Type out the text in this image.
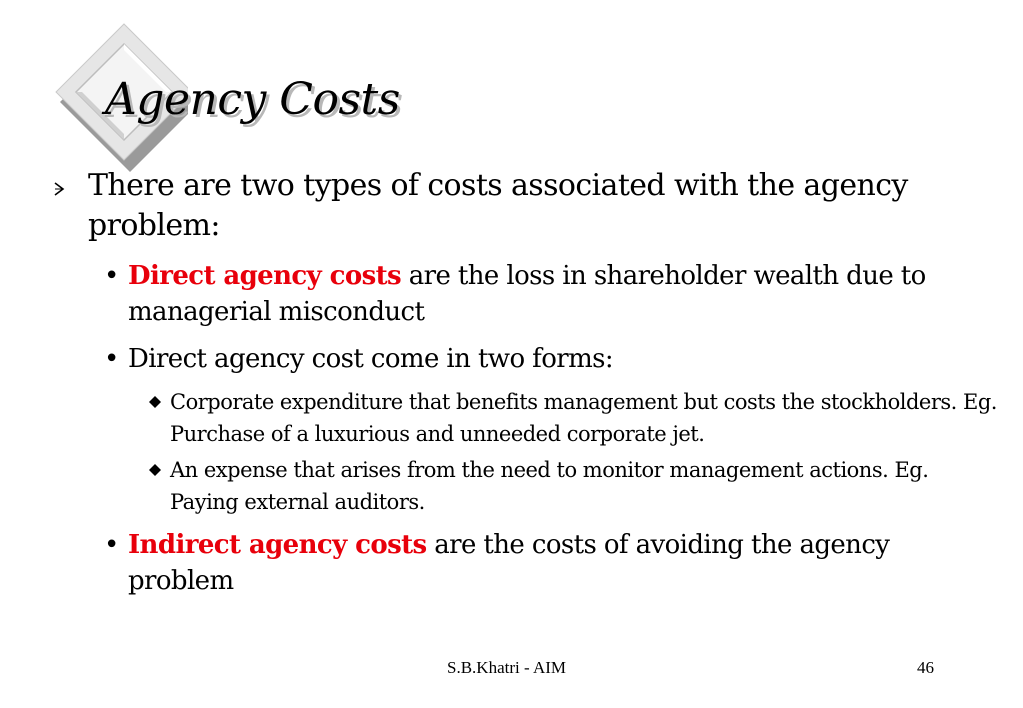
Agency Costs

There are two types of costs associated with the agency problem:

• Direct agency costs are the loss in shareholder wealth due to managerial misconduct

• Direct agency cost come in two forms:

Corporate expenditure that benefits management but costs the stockholders. Eg. Purchase of a luxurious and unneeded corporate jet.

An expense that arises from the need to monitor management actions. Eg. Paying external auditors.

• Indirect agency costs are the costs of avoiding the agency problem

S.B.Khatri - AIM	46
